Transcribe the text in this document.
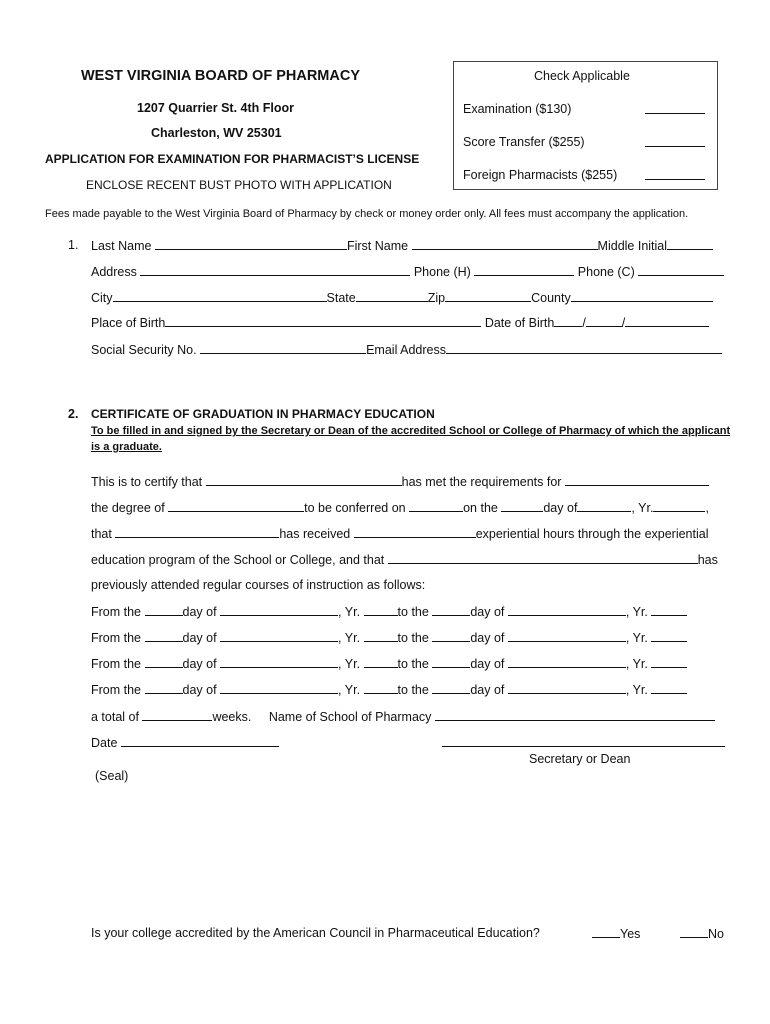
WEST VIRGINIA BOARD OF PHARMACY
1207 Quarrier St. 4th Floor
Charleston, WV 25301
APPLICATION FOR EXAMINATION FOR PHARMACIST’S LICENSE
ENCLOSE RECENT BUST PHOTO WITH APPLICATION
Check Applicable
Examination ($130)
Score Transfer ($255)
Foreign Pharmacists ($255)
Fees made payable to the West Virginia Board of Pharmacy by check or money order only. All fees must accompany the application.
1. Last Name	First Name	Middle Initial
Address	Phone (H)	Phone (C)
City	State	Zip	County
Place of Birth	Date of Birth /	/
Social Security No.	Email Address
2. CERTIFICATE OF GRADUATION IN PHARMACY EDUCATION
To be filled in and signed by the Secretary or Dean of the accredited School or College of Pharmacy of which the applicant
is a graduate.
This is to certify that	has met the requirements for
the degree of	to be conferred on	on the	day of	, Yr.	,
that	has received	experiential hours through the experiential
education program of the School or College, and that	has
previously attended regular courses of instruction as follows:
From the	day of	, Yr.	to the	day of	, Yr.
From the	day of	, Yr.	to the	day of	, Yr.
From the	day of	, Yr.	to the	day of	, Yr.
From the	day of	, Yr.	to the	day of	, Yr.
a total of	weeks. Name of School of Pharmacy
Date
Secretary or Dean
(Seal)
Is your college accredited by the American Council in Pharmaceutical Education?	Yes	No
